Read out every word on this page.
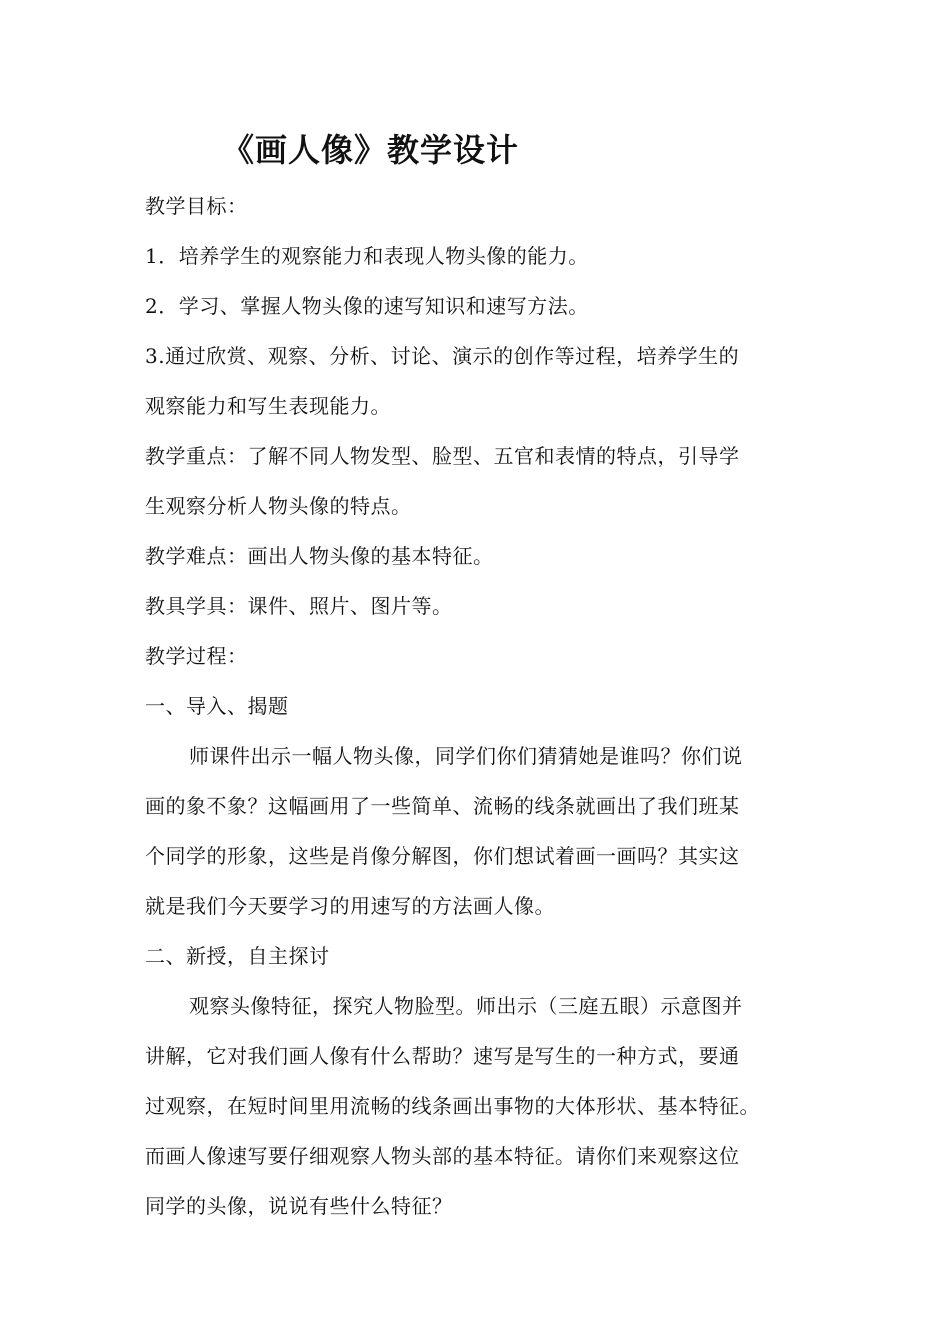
《画人像》教学设计
教学目标：
1．培养学生的观察能力和表现人物头像的能力。
2．学习、掌握人物头像的速写知识和速写方法。
3.通过欣赏、观察、分析、讨论、演示的创作等过程，培养学生的
观察能力和写生表现能力。
教学重点：了解不同人物发型、脸型、五官和表情的特点，引导学
生观察分析人物头像的特点。
教学难点：画出人物头像的基本特征。
教具学具：课件、照片、图片等。
教学过程：
一、导入、揭题
师课件出示一幅人物头像，同学们你们猜猜她是谁吗？你们说
画的象不象？这幅画用了一些简单、流畅的线条就画出了我们班某
个同学的形象，这些是肖像分解图，你们想试着画一画吗？其实这
就是我们今天要学习的用速写的方法画人像。
二、新授，自主探讨
观察头像特征，探究人物脸型。师出示（三庭五眼）示意图并
讲解，它对我们画人像有什么帮助？速写是写生的一种方式，要通
过观察，在短时间里用流畅的线条画出事物的大体形状、基本特征。
而画人像速写要仔细观察人物头部的基本特征。请你们来观察这位
同学的头像，说说有些什么特征？
